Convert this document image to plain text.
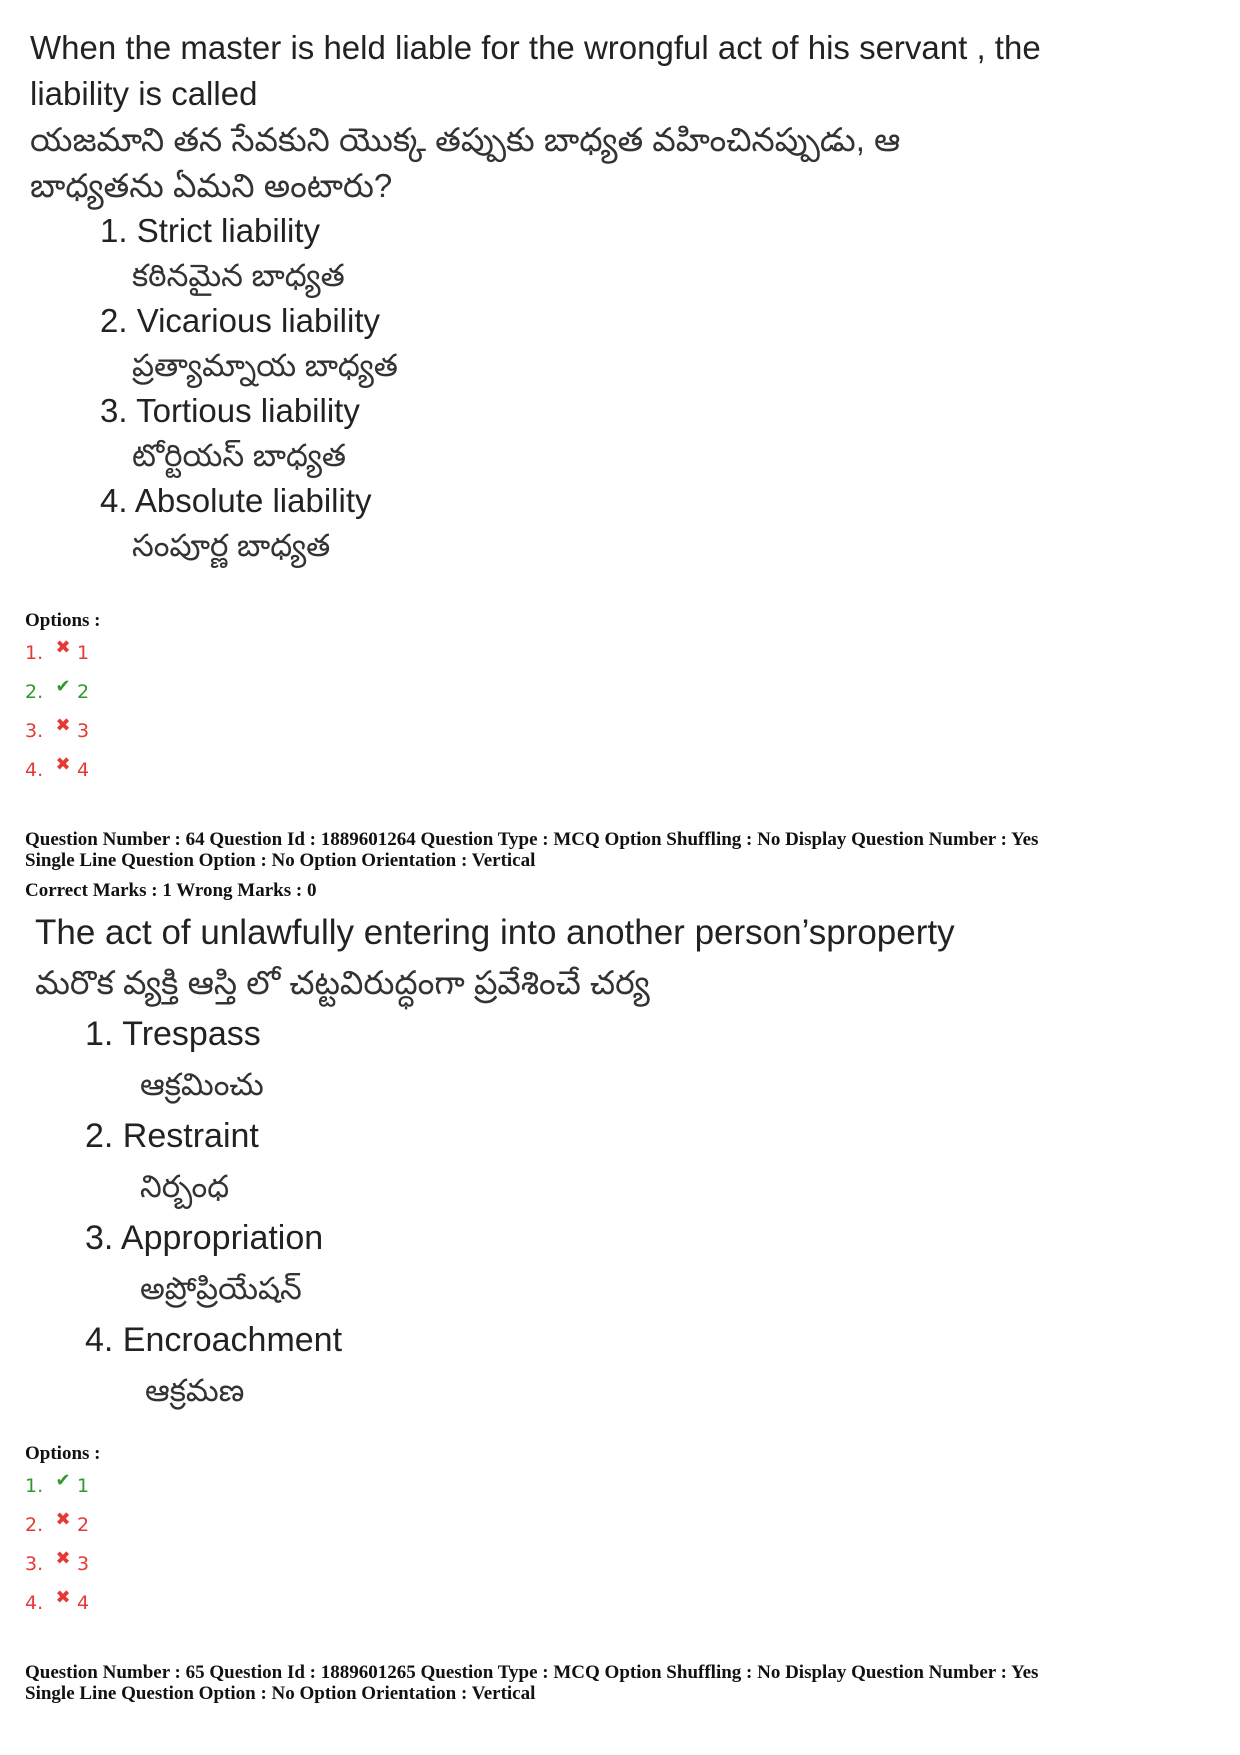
When the master is held liable for the wrongful act of his servant , the
liability is called
యజమాని తన సేవకుని యొక్క తప్పుకు బాధ్యత వహించినప్పుడు, ఆ
బాధ్యతను ఏమని అంటారు?
1. Strict liability
కఠినమైన బాధ్యత
2. Vicarious liability
ప్రత్యామ్నాయ బాధ్యత
3. Tortious liability
టోర్టియస్ బాధ్యత
4. Absolute liability
సంపూర్ణ బాధ్యత
Options :
1. ✖ 1
2. ✔ 2
3. ✖ 3
4. ✖ 4
Question Number : 64 Question Id : 1889601264 Question Type : MCQ Option Shuffling : No Display Question Number : Yes
Single Line Question Option : No Option Orientation : Vertical
Correct Marks : 1 Wrong Marks : 0
The act of unlawfully entering into another person’sproperty
మరొక వ్యక్తి ఆస్తి లో చట్టవిరుద్ధంగా ప్రవేశించే చర్య
1. Trespass
ఆక్రమించు
2. Restraint
నిర్బంధ
3. Appropriation
అప్రోప్రియేషన్
4. Encroachment
ఆక్రమణ
Options :
1. ✔ 1
2. ✖ 2
3. ✖ 3
4. ✖ 4
Question Number : 65 Question Id : 1889601265 Question Type : MCQ Option Shuffling : No Display Question Number : Yes
Single Line Question Option : No Option Orientation : Vertical
